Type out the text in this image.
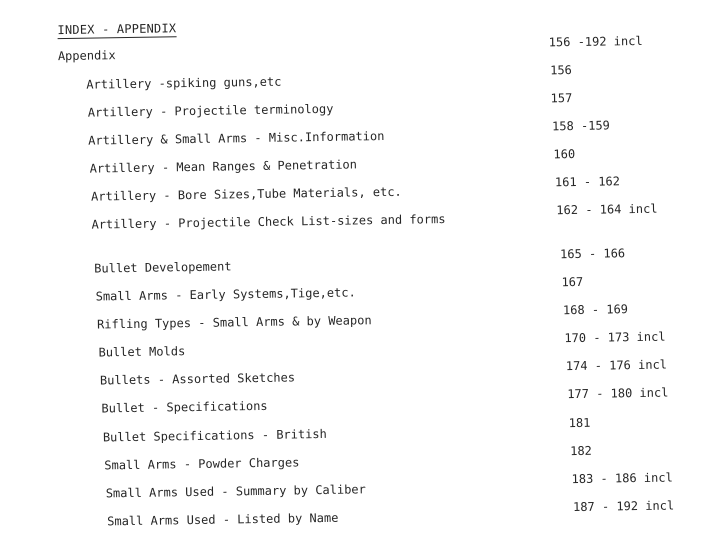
INDEX - APPENDIX
Appendix
156 -192 incl
Artillery -spiking guns,etc
156
Artillery - Projectile terminology
157
Artillery & Small Arms - Misc.Information
158 -159
Artillery - Mean Ranges & Penetration
160
Artillery - Bore Sizes,Tube Materials, etc.
161 - 162
Artillery - Projectile Check List-sizes and forms
162 - 164 incl
Bullet Developement
165 - 166
Small Arms - Early Systems,Tige,etc.
167
Rifling Types - Small Arms & by Weapon
168 - 169
Bullet Molds
170 - 173 incl
Bullets - Assorted Sketches
174 - 176 incl
Bullet - Specifications
177 - 180 incl
Bullet Specifications - British
181
Small Arms - Powder Charges
182
Small Arms Used - Summary by Caliber
183 - 186 incl
Small Arms Used - Listed by Name
187 - 192 incl
